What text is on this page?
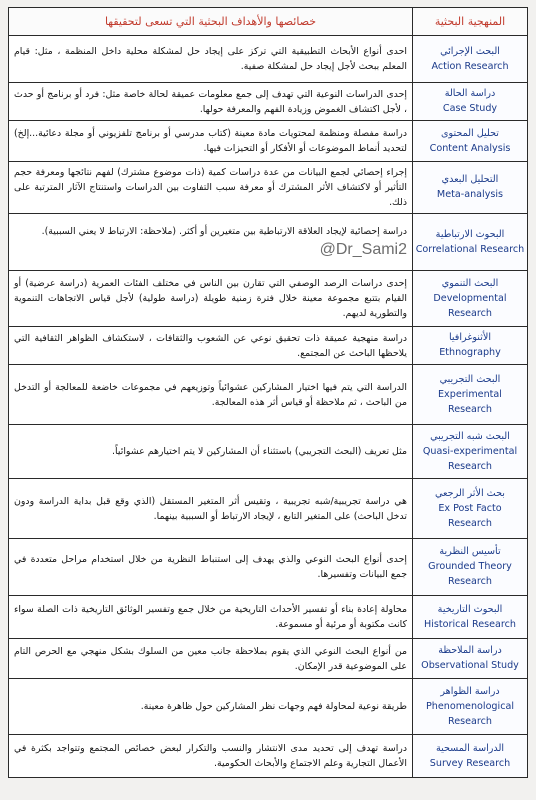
المنهجية البحثية	خصائصها والأهداف البحثية التي تسعى لتحقيقها

البحث الإجرائي
Action Research	احدى أنواع الأبحاث التطبيقية التي تركز على إيجاد حل لمشكلة محلية داخل المنظمة ، مثل: قيام المعلم ببحث لأجل إيجاد حل لمشكلة صفية.

دراسة الحالة
Case Study	إحدى الدراسات النوعية التي تهدف إلى جمع معلومات عميقة لحالة خاصة مثل: فرد أو برنامج أو حدث ، لأجل اكتشاف الغموض وزيادة الفهم والمعرفة حولها.

تحليل المحتوى
Content Analysis	دراسة مفصلة ومنظمة لمحتويات مادة معينة (كتاب مدرسي أو برنامج تلفزيوني أو مجلة دعائية...إلخ) لتحديد أنماط الموضوعات أو الأفكار أو التحيزات فيها.

التحليل البعدي
Meta-analysis	إجراء إحصائي لجمع البيانات من عدة دراسات كمية (ذات موضوع مشترك) لفهم نتائجها ومعرفة حجم التأثير أو لاكتشاف الأثر المشترك أو معرفة سبب التفاوت بين الدراسات واستنتاج الآثار المترتبة على ذلك.

البحوث الارتباطية
Correlational Research	دراسة إحصائية لإيجاد العلاقة الارتباطية بين متغيرين أو أكثر. (ملاحظة: الارتباط لا يعني السببية).
@Dr_Sami2

البحث التنموي
Developmental Research	إحدى دراسات الرصد الوصفي التي تقارن بين الناس في مختلف الفئات العمرية (دراسة عرضية) أو القيام بتتبع مجموعة معينة خلال فترة زمنية طويلة (دراسة طولية) لأجل قياس الاتجاهات التنموية والتطورية لديهم.

الأثنوغرافيا
Ethnography	دراسة منهجية عميقة ذات تحقيق نوعي عن الشعوب والثقافات ، لاستكشاف الظواهر الثقافية التي يلاحظها الباحث عن المجتمع.

البحث التجريبي
Experimental Research	الدراسة التي يتم فيها اختيار المشاركين عشوائياً وتوزيعهم في مجموعات خاضعة للمعالجة أو التدخل من الباحث ، ثم ملاحظة أو قياس أثر هذه المعالجة.

البحث شبه التجريبي
Quasi-experimental Research	مثل تعريف (البحث التجريبي) باستثناء أن المشاركين لا يتم اختيارهم عشوائياً.

بحث الأثر الرجعي
Ex Post Facto Research	هي دراسة تجريبية/شبه تجريبية ، وتقيس أثر المتغير المستقل (الذي وقع قبل بداية الدراسة ودون تدخل الباحث) على المتغير التابع ، لإيجاد الارتباط أو السببية بينهما.

تأسيس النظرية
Grounded Theory Research	إحدى أنواع البحث النوعي والذي يهدف إلى استنباط النظرية من خلال استخدام مراحل متعددة في جمع البيانات وتفسيرها.

البحوث التاريخية
Historical Research	محاولة إعادة بناء أو تفسير الأحداث التاريخية من خلال جمع وتفسير الوثائق التاريخية ذات الصلة سواء كانت مكتوبة أو مرئية أو مسموعة.

دراسة الملاحظة
Observational Study	من أنواع البحث النوعي الذي يقوم بملاحظة جانب معين من السلوك بشكل منهجي مع الحرص التام على الموضوعية قدر الإمكان.

دراسة الظواهر
Phenomenological Research	طريقة نوعية لمحاولة فهم وجهات نظر المشاركين حول ظاهرة معينة.

الدراسة المسحية
Survey Research	دراسة تهدف إلى تحديد مدى الانتشار والنسب والتكرار لبعض خصائص المجتمع وتتواجد بكثرة في الأعمال التجارية وعلم الاجتماع والأبحاث الحكومية.
